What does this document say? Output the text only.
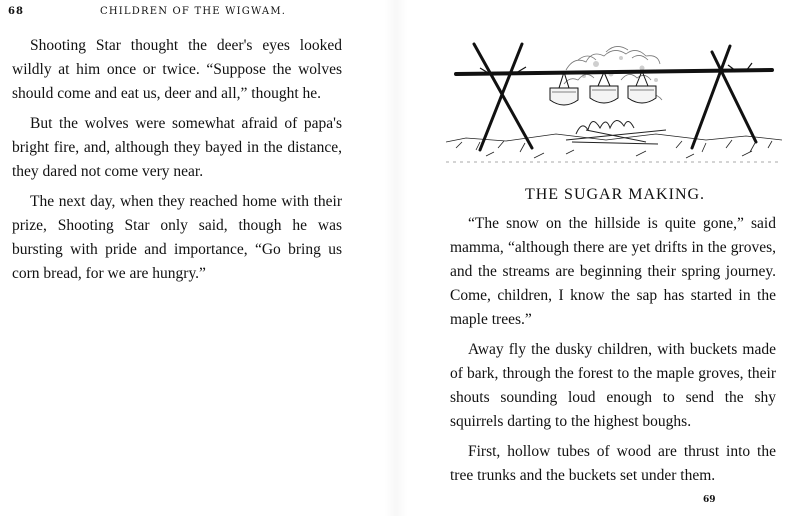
68	CHILDREN OF THE WIGWAM.

Shooting Star thought the deer's eyes looked wildly at him once or twice. “Suppose the wolves should come and eat us, deer and all,” thought he.

But the wolves were somewhat afraid of papa's bright fire, and, although they bayed in the distance, they dared not come very near.

The next day, when they reached home with their prize, Shooting Star only said, though he was bursting with pride and importance, “Go bring us corn bread, for we are hungry.”

THE SUGAR MAKING.

“The snow on the hillside is quite gone,” said mamma, “although there are yet drifts in the groves, and the streams are beginning their spring journey. Come, children, I know the sap has started in the maple trees.”

Away fly the dusky children, with buckets made of bark, through the forest to the maple groves, their shouts sounding loud enough to send the shy squirrels darting to the highest boughs.

First, hollow tubes of wood are thrust into the tree trunks and the buckets set under them.

69
